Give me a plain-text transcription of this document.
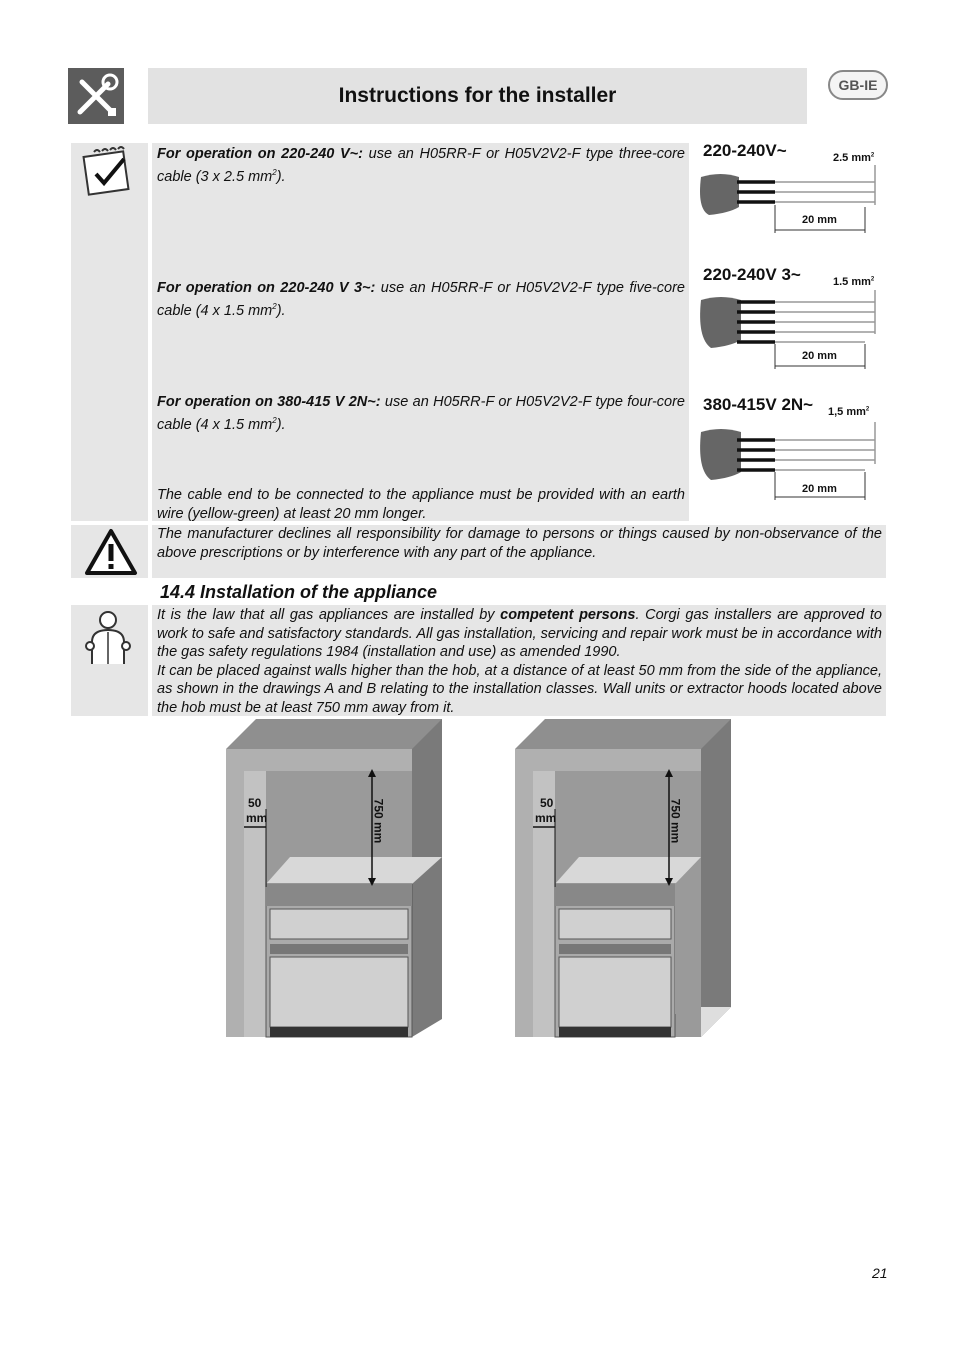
Instructions for the installer	GB-IE
For operation on 220-240 V~: use an H05RR-F or H05V2V2-F type three-core cable (3 x 2.5 $mm^2$).
For operation on 220-240 V 3~: use an H05RR-F or H05V2V2-F type five-core cable (4 x 1.5 $mm^2$).
For operation on 380-415 V 2N~: use an H05RR-F or H05V2V2-F type four-core cable (4 x 1.5 $mm^2$).
The cable end to be connected to the appliance must be provided with an earth wire (yellow-green) at least 20 mm longer.
220-240V~	2.5 $mm^2$
20 mm
220-240V 3~	1.5 $mm^2$
20 mm
380-415V 2N~ 1,5 $mm^2$
20 mm
The manufacturer declines all responsibility for damage to persons or things caused by non-observance of the above prescriptions or by interference with any part of the appliance.
14.4 Installation of the appliance
It is the law that all gas appliances are installed by competent persons. Corgi gas installers are approved to work to safe and satisfactory standards. All gas installation, servicing and repair work must be in accordance with the gas safety regulations 1984 (installation and use) as amended 1990.
It can be placed against walls higher than the hob, at a distance of at least 50 mm from the side of the appliance, as shown in the drawings A and B relating to the installation classes. Wall units or extractor hoods located above the hob must be at least 750 mm away from it.
50
mm	750 mm	50
mm	750 mm
21
